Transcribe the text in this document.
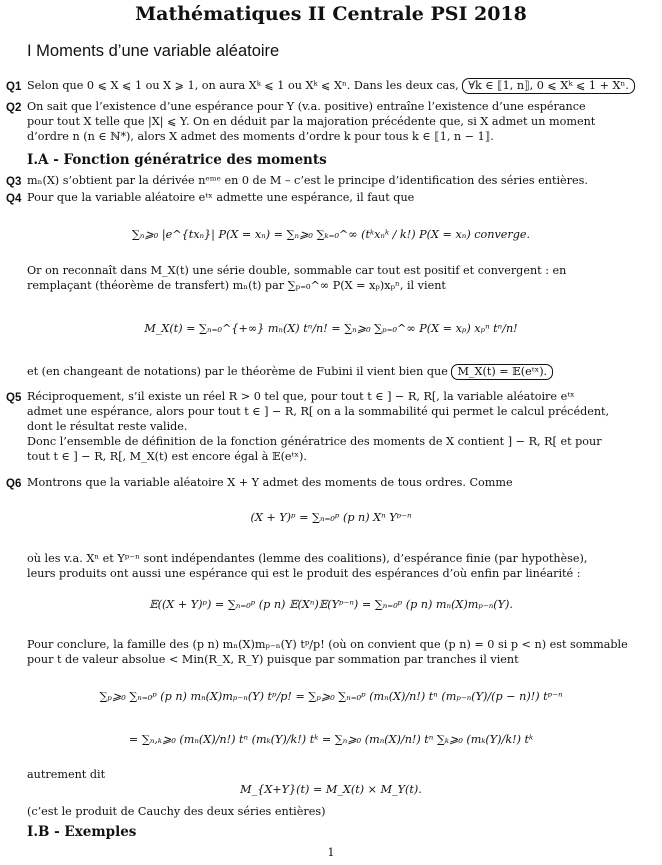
Mathématiques II Centrale PSI 2018
I Moments d’une variable aléatoire
Q1 Selon que 0 ⩽ X ⩽ 1 ou X ⩾ 1, on aura Xᵏ ⩽ 1 ou Xᵏ ⩽ Xⁿ. Dans les deux cas, ∀k ∈ ⟦1, n⟧, 0 ⩽ Xᵏ ⩽ 1 + Xⁿ.
Q2 On sait que l’existence d’une espérance pour Y (v.a. positive) entraîne l’existence d’une espérance
pour tout X telle que |X| ⩽ Y. On en déduit par la majoration précédente que, si X admet un moment
d’ordre n (n ∈ ℕ*), alors X admet des moments d’ordre k pour tous k ∈ ⟦1, n − 1⟧.
I.A - Fonction génératrice des moments
Q3 mₙ(X) s’obtient par la dérivée nᵉᵐᵉ en 0 de M – c’est le principe d’identification des séries entières.
Q4 Pour que la variable aléatoire eᵗˣ admette une espérance, il faut que
∑ₙ⩾₀ |e^{txₙ}| P(X = xₙ) = ∑ₙ⩾₀ ∑ₖ₌₀^∞ (tᵏxₙᵏ / k!) P(X = xₙ) converge.
Or on reconnaît dans M_X(t) une série double, sommable car tout est positif et convergent : en
remplaçant (théorème de transfert) mₙ(t) par ∑ₚ₌₀^∞ P(X = xₚ)xₚⁿ, il vient
M_X(t) = ∑ₙ₌₀^{+∞} mₙ(X) tⁿ/n! = ∑ₙ⩾₀ ∑ₚ₌₀^∞ P(X = xₚ) xₚⁿ tⁿ/n!
et (en changeant de notations) par le théorème de Fubini il vient bien que M_X(t) = 𝔼(eᵗˣ).
Q5 Réciproquement, s’il existe un réel R > 0 tel que, pour tout t ∈ ] − R, R[, la variable aléatoire eᵗˣ
admet une espérance, alors pour tout t ∈ ] − R, R[ on a la sommabilité qui permet le calcul précédent,
dont le résultat reste valide.
Donc l’ensemble de définition de la fonction génératrice des moments de X contient ] − R, R[ et pour
tout t ∈ ] − R, R[, M_X(t) est encore égal à 𝔼(eᵗˣ).
Q6 Montrons que la variable aléatoire X + Y admet des moments de tous ordres. Comme
(X + Y)ᵖ = ∑ₙ₌₀ᵖ (p n) Xⁿ Yᵖ⁻ⁿ
où les v.a. Xⁿ et Yᵖ⁻ⁿ sont indépendantes (lemme des coalitions), d’espérance finie (par hypothèse),
leurs produits ont aussi une espérance qui est le produit des espérances d’où enfin par linéarité :
𝔼((X + Y)ᵖ) = ∑ₙ₌₀ᵖ (p n) 𝔼(Xⁿ)𝔼(Yᵖ⁻ⁿ) = ∑ₙ₌₀ᵖ (p n) mₙ(X)mₚ₋ₙ(Y).
Pour conclure, la famille des (p n) mₙ(X)mₚ₋ₙ(Y) tᵖ/p! (où on convient que (p n) = 0 si p < n) est sommable
pour t de valeur absolue < Min(R_X, R_Y) puisque par sommation par tranches il vient
∑ₚ⩾₀ ∑ₙ₌₀ᵖ (p n) mₙ(X)mₚ₋ₙ(Y) tᵖ/p! = ∑ₚ⩾₀ ∑ₙ₌₀ᵖ (mₙ(X)/n!) tⁿ (mₚ₋ₙ(Y)/(p − n)!) tᵖ⁻ⁿ
= ∑ₙ,ₖ⩾₀ (mₙ(X)/n!) tⁿ (mₖ(Y)/k!) tᵏ = ∑ₙ⩾₀ (mₙ(X)/n!) tⁿ ∑ₖ⩾₀ (mₖ(Y)/k!) tᵏ
autrement dit
M_{X+Y}(t) = M_X(t) × M_Y(t).
(c’est le produit de Cauchy des deux séries entières)
I.B - Exemples
1
